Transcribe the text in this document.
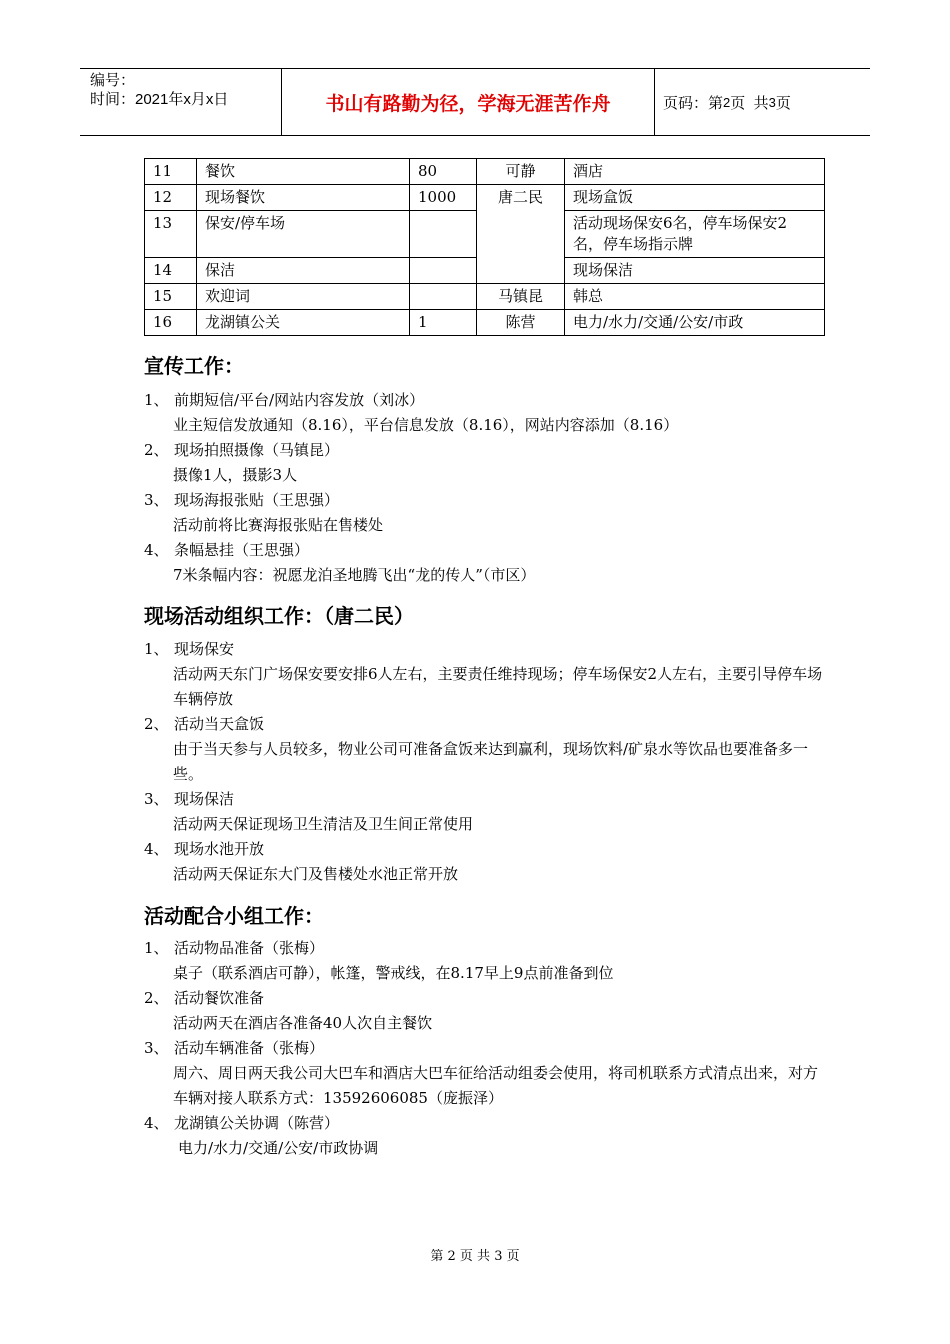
编号：
时间：2021年x月x日	书山有路勤为径，学海无涯苦作舟	页码：第 2 页  共 3 页
11	餐饮	80	可静	酒店
12	现场餐饮	1000	唐二民	现场盒饭
13	保安/停车场			活动现场保安6名，停车场保安2名，停车场指示牌
14	保洁			现场保洁
15	欢迎词		马镇昆	韩总
16	龙湖镇公关	1	陈营	电力/水力/交通/公安/市政
宣传工作：
1、 前期短信/平台/网站内容发放（刘冰）
业主短信发放通知（8.16），平台信息发放（8.16），网站内容添加（8.16）
2、 现场拍照摄像（马镇昆）
摄像1人，摄影3人
3、 现场海报张贴（王思强）
活动前将比赛海报张贴在售楼处
4、 条幅悬挂（王思强）
7米条幅内容：祝愿龙泊圣地腾飞出“龙的传人”（市区）
现场活动组织工作：（唐二民）
1、 现场保安
活动两天东门广场保安要安排6人左右，主要责任维持现场；停车场保安2人左右，主要引导停车场车辆停放
2、 活动当天盒饭
由于当天参与人员较多，物业公司可准备盒饭来达到赢利，现场饮料/矿泉水等饮品也要准备多一些。
3、 现场保洁
活动两天保证现场卫生清洁及卫生间正常使用
4、 现场水池开放
活动两天保证东大门及售楼处水池正常开放
活动配合小组工作：
1、 活动物品准备（张梅）
桌子（联系酒店可静），帐篷，警戒线，在8.17早上9点前准备到位
2、 活动餐饮准备
活动两天在酒店各准备40人次自主餐饮
3、 活动车辆准备（张梅）
周六、周日两天我公司大巴车和酒店大巴车征给活动组委会使用，将司机联系方式清点出来，对方车辆对接人联系方式：13592606085（庞振泽）
4、 龙湖镇公关协调（陈营）
电力/水力/交通/公安/市政协调
第 2 页 共 3 页
